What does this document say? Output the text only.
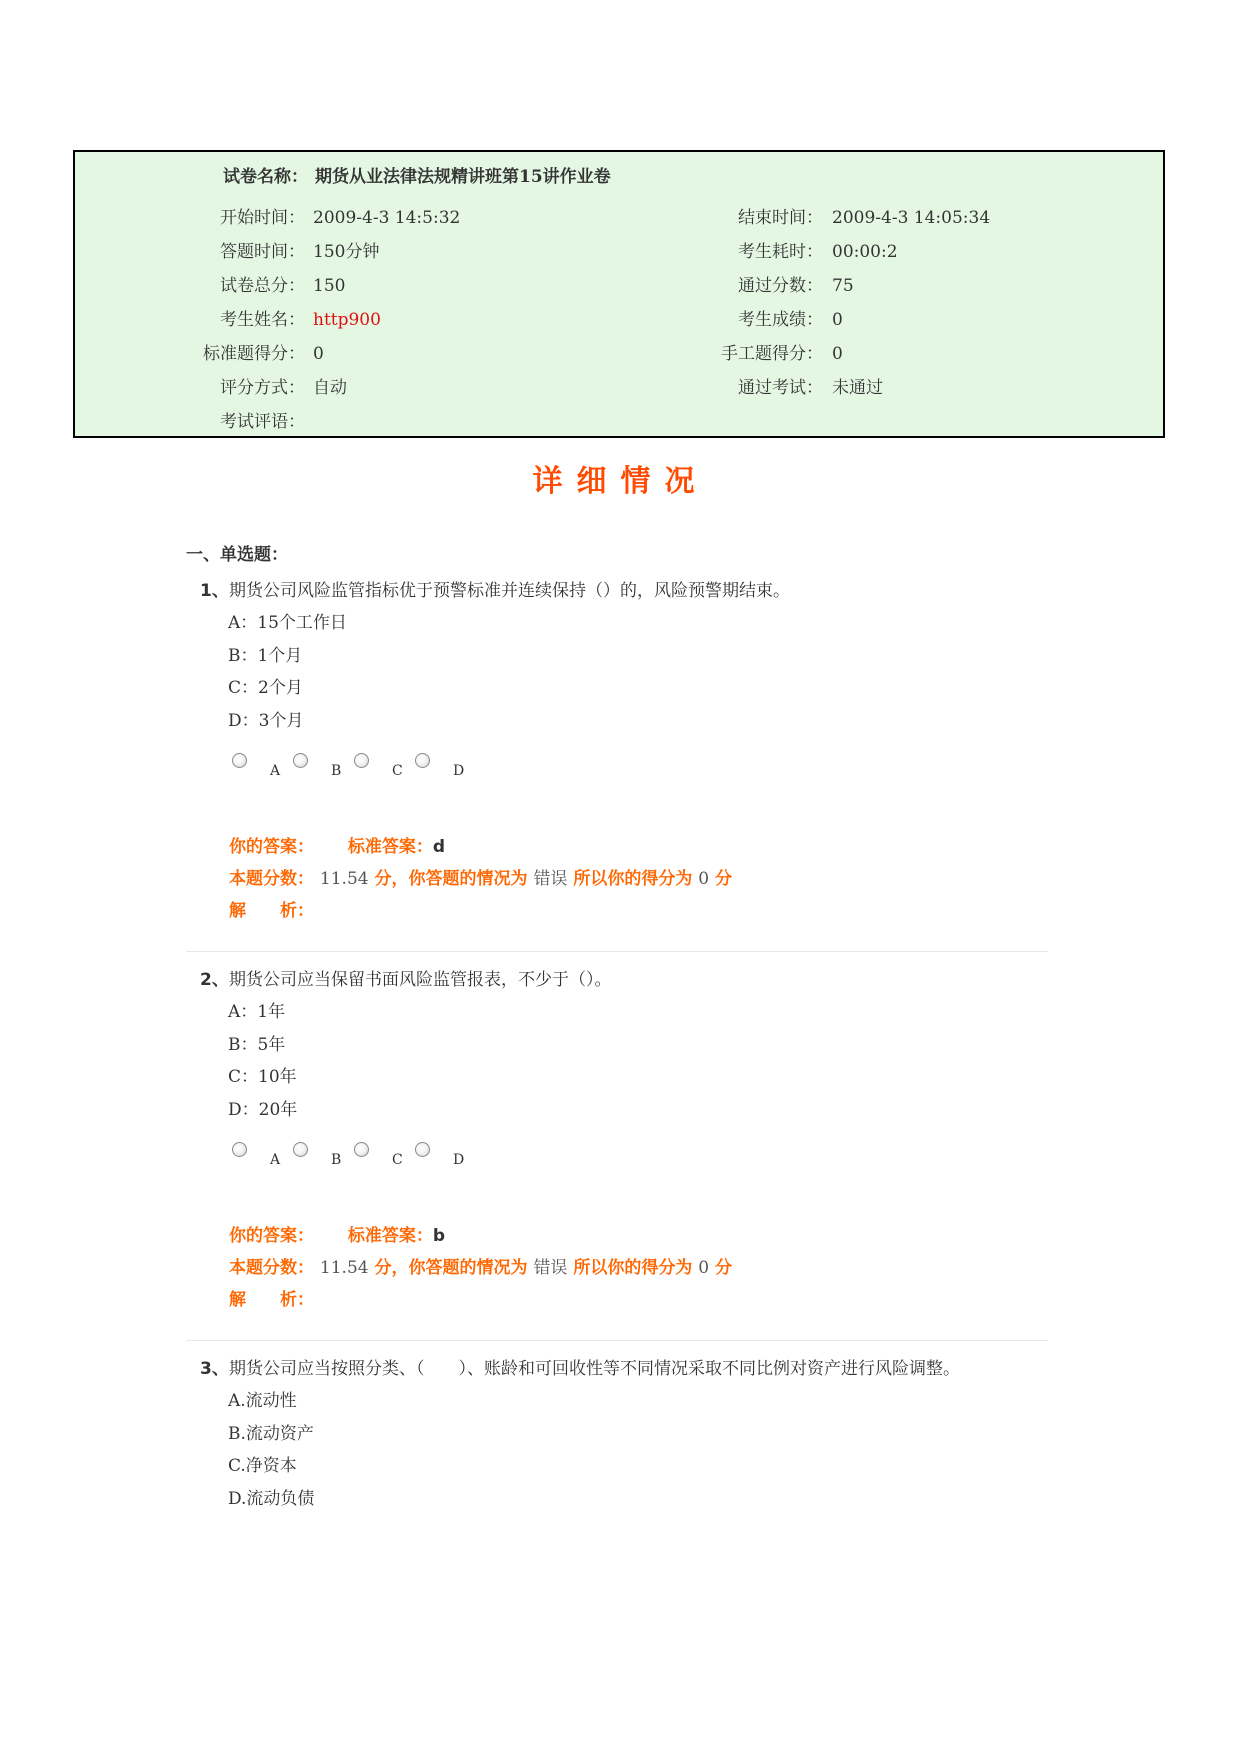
试卷名称： 期货从业法律法规精讲班第15讲作业卷
开始时间： 2009-4-3 14:5:32	结束时间： 2009-4-3 14:05:34
答题时间： 150分钟	考生耗时： 00:00:2
试卷总分： 150	通过分数： 75
考生姓名： http900	考生成绩： 0
标准题得分： 0	手工题得分： 0
评分方式： 自动	通过考试： 未通过
考试评语：
详细情况
一、单选题：
1、 期货公司风险监管指标优于预警标准并连续保持（）的，风险预警期结束。
A：15个工作日
B：1个月
C：2个月
D：3个月
A	B	C	D
你的答案： 标准答案：d
本题分数： 11.54 分，你答题的情况为 错误 所以你的得分为 0 分
解　　析：
2、 期货公司应当保留书面风险监管报表，不少于（）。
A：1年
B：5年
C：10年
D：20年
A	B	C	D
你的答案： 标准答案：b
本题分数： 11.54 分，你答题的情况为 错误 所以你的得分为 0 分
解　　析：
3、 期货公司应当按照分类、（　　）、账龄和可回收性等不同情况采取不同比例对资产进行风险调整。
A.流动性
B.流动资产
C.净资本
D.流动负债
